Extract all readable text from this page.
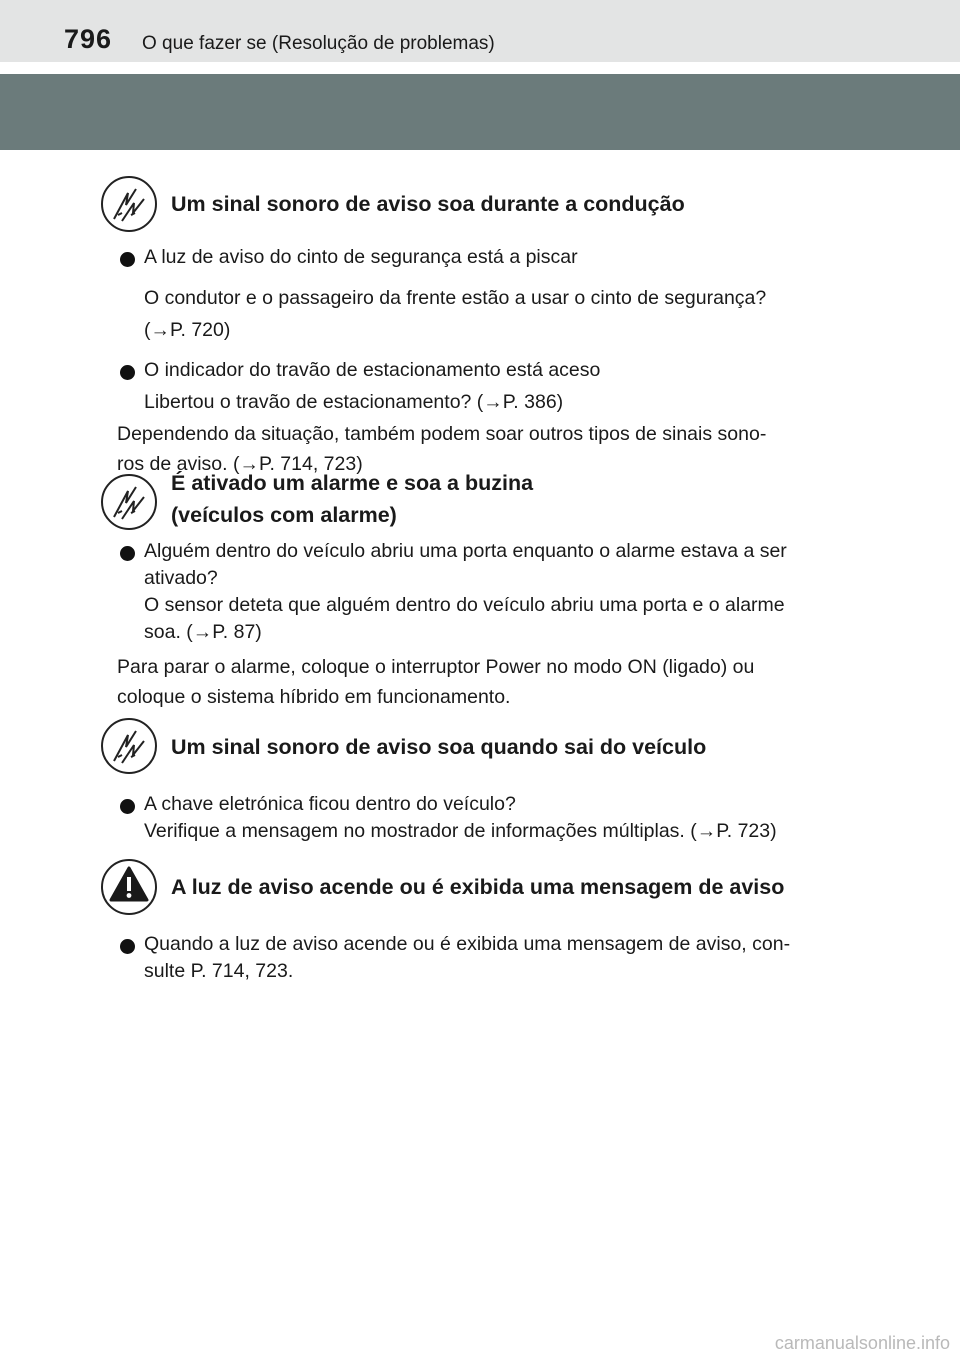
796 O que fazer se (Resolução de problemas)
Um sinal sonoro de aviso soa durante a condução

A luz de aviso do cinto de segurança está a piscar

O condutor e o passageiro da frente estão a usar o cinto de segurança?

(→P. 720)

O indicador do travão de estacionamento está aceso

Libertou o travão de estacionamento? (→P. 386)

Dependendo da situação, também podem soar outros tipos de sinais sono-

ros de aviso. (→P. 714, 723)

É ativado um alarme e soa a buzina
(veículos com alarme)

Alguém dentro do veículo abriu uma porta enquanto o alarme estava a ser

ativado?

O sensor deteta que alguém dentro do veículo abriu uma porta e o alarme

soa. (→P. 87)

Para parar o alarme, coloque o interruptor Power no modo ON (ligado) ou

coloque o sistema híbrido em funcionamento.

Um sinal sonoro de aviso soa quando sai do veículo

A chave eletrónica ficou dentro do veículo?

Verifique a mensagem no mostrador de informações múltiplas. (→P. 723)

A luz de aviso acende ou é exibida uma mensagem de aviso

Quando a luz de aviso acende ou é exibida uma mensagem de aviso, con-

sulte P. 714, 723.

carmanualsonline.info
